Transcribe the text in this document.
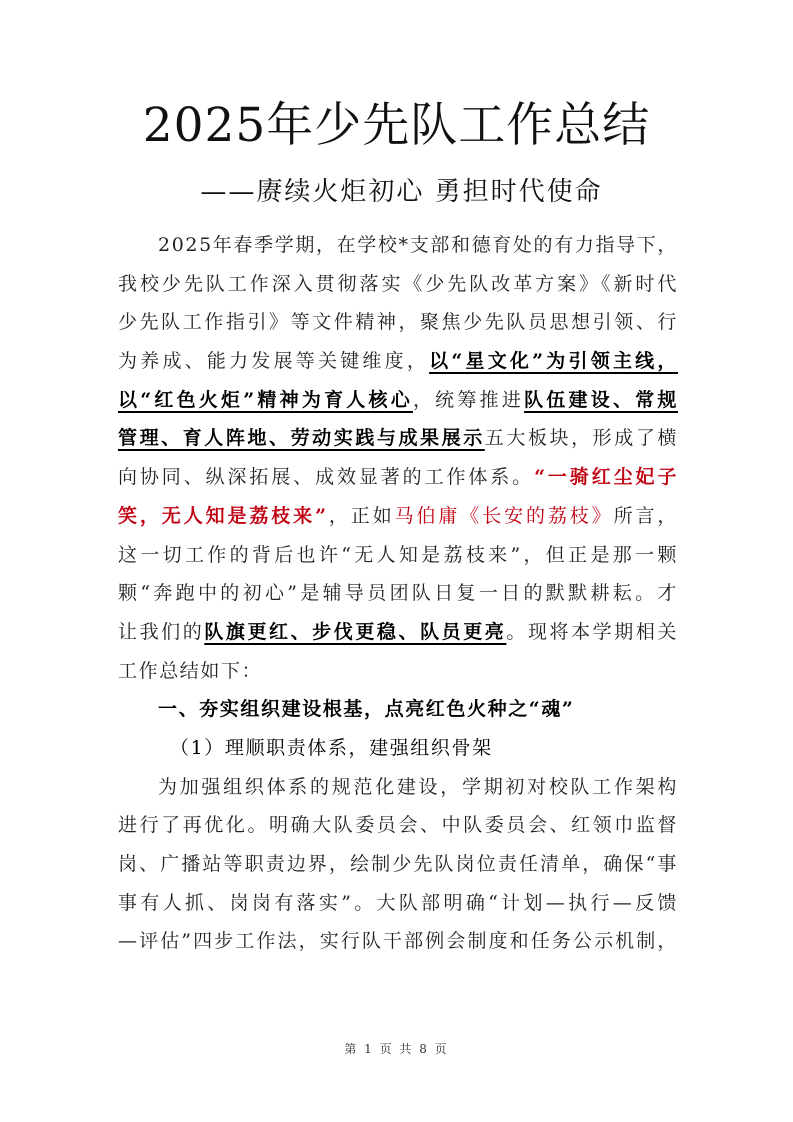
2025年少先队工作总结
——赓续火炬初心 勇担时代使命
2025年春季学期，在学校*支部和德育处的有力指导下，
我校少先队工作深入贯彻落实《少先队改革方案》《新时代
少先队工作指引》等文件精神，聚焦少先队员思想引领、行
为养成、能力发展等关键维度，以“星文化”为引领主线，
以“红色火炬”精神为育人核心，统筹推进队伍建设、常规
管理、育人阵地、劳动实践与成果展示五大板块，形成了横
向协同、纵深拓展、成效显著的工作体系。“一骑红尘妃子
笑，无人知是荔枝来”，正如马伯庸《长安的荔枝》所言，
这一切工作的背后也许“无人知是荔枝来”，但正是那一颗
颗“奔跑中的初心”是辅导员团队日复一日的默默耕耘。才
让我们的队旗更红、步伐更稳、队员更亮。现将本学期相关
工作总结如下：
一、夯实组织建设根基，点亮红色火种之“魂”
（1）理顺职责体系，建强组织骨架
为加强组织体系的规范化建设，学期初对校队工作架构
进行了再优化。明确大队委员会、中队委员会、红领巾监督
岗、广播站等职责边界，绘制少先队岗位责任清单，确保“事
事有人抓、岗岗有落实”。大队部明确“计划—执行—反馈
—评估”四步工作法，实行队干部例会制度和任务公示机制，
第 1 页 共 8 页
